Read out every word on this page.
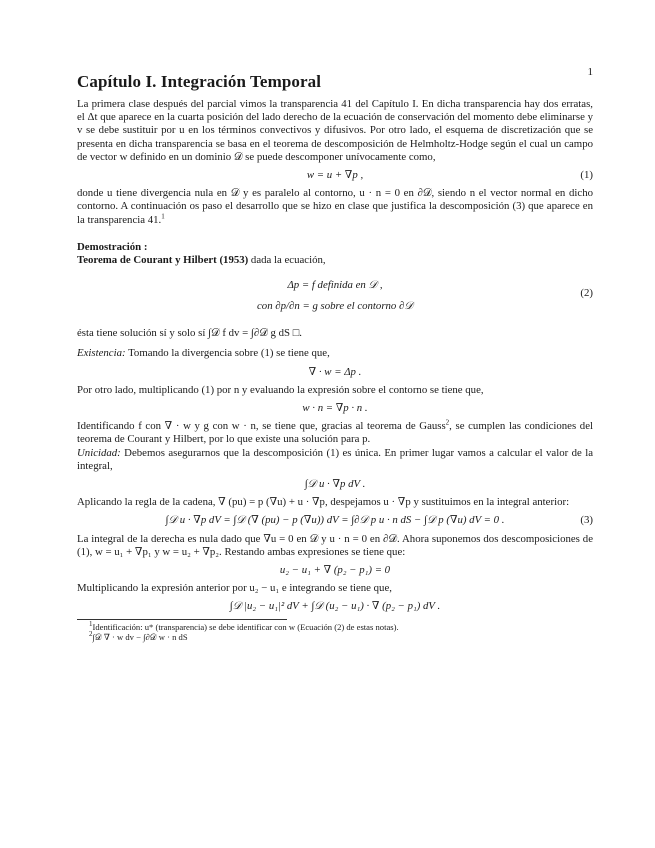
1
Capítulo I. Integración Temporal

La primera clase después del parcial vimos la transparencia 41 del Capítulo I. En dicha transparencia hay dos erratas, el Δt que aparece en la cuarta posición del lado derecho de la ecuación de conservación del momento debe eliminarse y v se debe sustituir por u en los términos convectivos y difusivos. Por otro lado, el esquema de discretización que se presenta en dicha transparencia se basa en el teorema de descomposición de Helmholtz-Hodge según el cual un campo de vector w definido en un dominio 𝒟 se puede descomponer unívocamente como,

w = u + ∇p ,	(1)

donde u tiene divergencia nula en 𝒟 y es paralelo al contorno, u · n = 0 en ∂𝒟, siendo n el vector normal en dicho contorno. A continuación os paso el desarrollo que se hizo en clase que justifica la descomposición (3) que aparece en la transparencia 41.$^1$

Demostración :

Teorema de Courant y Hilbert (1953) dada la ecuación,

Δp = f definida en 𝒟 ,
con ∂p/∂n = g sobre el contorno ∂𝒟
(2)

ésta tiene solución sí y solo sí ∫𝒟 f dv = ∫∂𝒟 g dS □.

Existencia: Tomando la divergencia sobre (1) se tiene que,

∇ · w = Δp .

Por otro lado, multiplicando (1) por n y evaluando la expresión sobre el contorno se tiene que,

w · n = ∇p · n .

Identificando f con ∇ · w y g con w · n, se tiene que, gracias al teorema de Gauss$^2$, se cumplen las condiciones del teorema de Courant y Hilbert, por lo que existe una solución para p.

Unicidad: Debemos asegurarnos que la descomposición (1) es única. En primer lugar vamos a calcular el valor de la integral,

∫𝒟 u · ∇p dV .

Aplicando la regla de la cadena, ∇ (pu) = p (∇u) + u · ∇p, despejamos u · ∇p y sustituimos en la integral anterior:

∫𝒟 u · ∇p dV = ∫𝒟 (∇ (pu) − p (∇u)) dV = ∫∂𝒟 p u · n dS − ∫𝒟 p (∇u) dV = 0 .	(3)

La integral de la derecha es nula dado que ∇u = 0 en 𝒟 y u · n = 0 en ∂𝒟. Ahora suponemos dos descomposiciones de (1), w = u₁ + ∇p₁ y w = u₂ + ∇p₂. Restando ambas expresiones se tiene que:

u₂ − u₁ + ∇ (p₂ − p₁) = 0

Multiplicando la expresión anterior por u₂ − u₁ e integrando se tiene que,

∫𝒟 |u₂ − u₁|² dV + ∫𝒟 (u₂ − u₁) · ∇ (p₂ − p₁) dV .
$^1$Identificación: u* (transparencia) se debe identificar con w (Ecuación (2) de estas notas).
$^2$∫𝒟 ∇ · w dv − ∫∂𝒟 w · n dS
